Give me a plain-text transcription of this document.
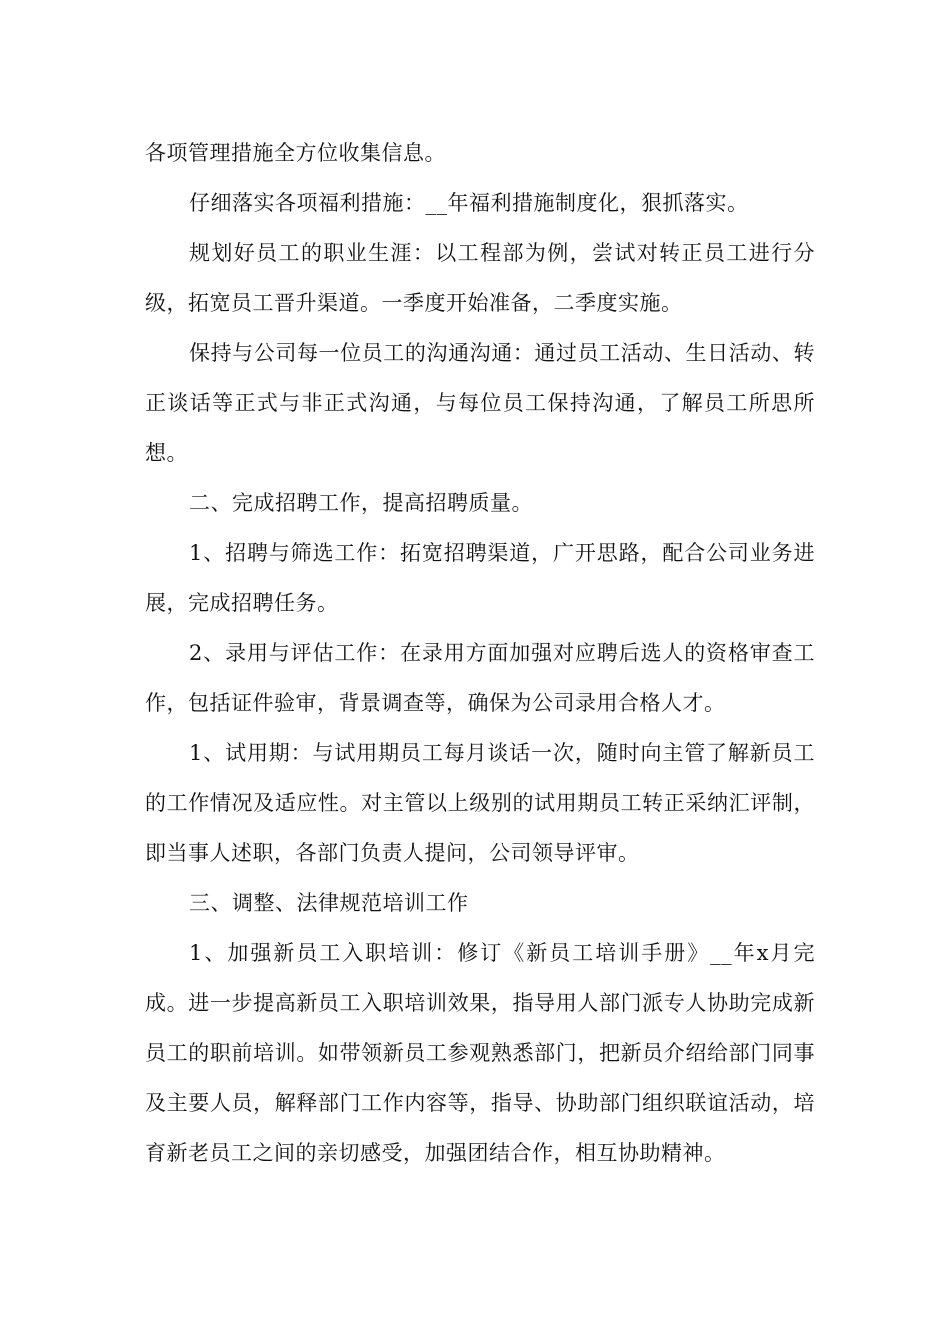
各项管理措施全方位收集信息。

仔细落实各项福利措施：__年福利措施制度化，狠抓落实。

规划好员工的职业生涯：以工程部为例，尝试对转正员工进行分级，拓宽员工晋升渠道。一季度开始准备，二季度实施。

保持与公司每一位员工的沟通沟通：通过员工活动、生日活动、转正谈话等正式与非正式沟通，与每位员工保持沟通，了解员工所思所想。

二、完成招聘工作，提高招聘质量。

1、招聘与筛选工作：拓宽招聘渠道，广开思路，配合公司业务进展，完成招聘任务。

2、录用与评估工作：在录用方面加强对应聘后选人的资格审查工作，包括证件验审，背景调查等，确保为公司录用合格人才。

1、试用期：与试用期员工每月谈话一次，随时向主管了解新员工的工作情况及适应性。对主管以上级别的试用期员工转正采纳汇评制，即当事人述职，各部门负责人提问，公司领导评审。

三、调整、法律规范培训工作

1、加强新员工入职培训：修订《新员工培训手册》__年x月完成。进一步提高新员工入职培训效果，指导用人部门派专人协助完成新员工的职前培训。如带领新员工参观熟悉部门，把新员介绍给部门同事及主要人员，解释部门工作内容等，指导、协助部门组织联谊活动，培育新老员工之间的亲切感受，加强团结合作，相互协助精神。
